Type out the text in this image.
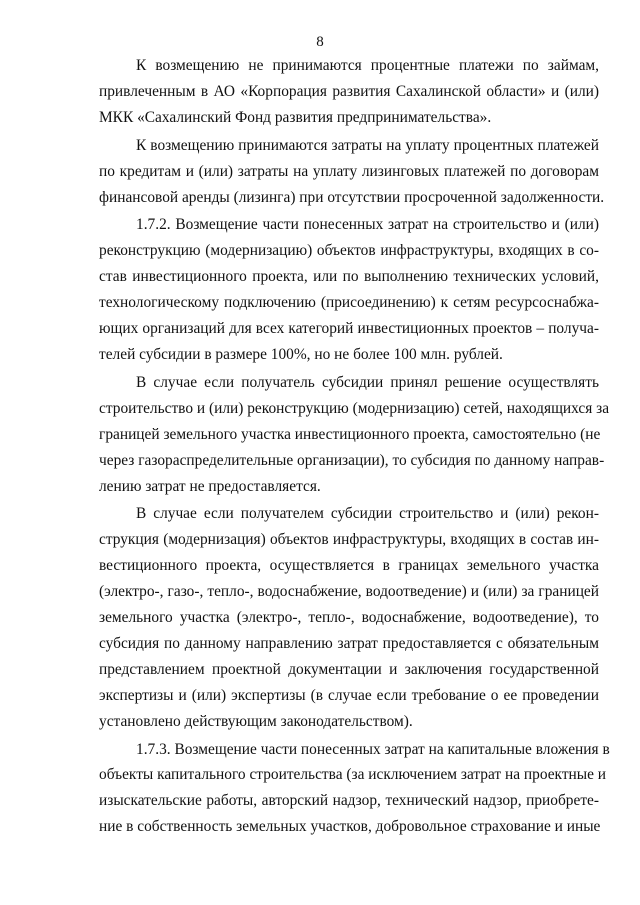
8
К возмещению не принимаются процентные платежи по займам,
привлеченным в АО «Корпорация развития Сахалинской области» и (или)
МКК «Сахалинский Фонд развития предпринимательства».
К возмещению принимаются затраты на уплату процентных платежей
по кредитам и (или) затраты на уплату лизинговых платежей по договорам
финансовой аренды (лизинга) при отсутствии просроченной задолженности.
1.7.2. Возмещение части понесенных затрат на строительство и (или)
реконструкцию (модернизацию) объектов инфраструктуры, входящих в со-
став инвестиционного проекта, или по выполнению технических условий,
технологическому подключению (присоединению) к сетям ресурсоснабжа-
ющих организаций для всех категорий инвестиционных проектов – получа-
телей субсидии в размере 100%, но не более 100 млн. рублей.
В случае если получатель субсидии принял решение осуществлять
строительство и (или) реконструкцию (модернизацию) сетей, находящихся за
границей земельного участка инвестиционного проекта, самостоятельно (не
через газораспределительные организации), то субсидия по данному направ-
лению затрат не предоставляется.
В случае если получателем субсидии строительство и (или) рекон-
струкция (модернизация) объектов инфраструктуры, входящих в состав ин-
вестиционного проекта, осуществляется в границах земельного участка
(электро-, газо-, тепло-, водоснабжение, водоотведение) и (или) за границей
земельного участка (электро-, тепло-, водоснабжение, водоотведение), то
субсидия по данному направлению затрат предоставляется с обязательным
представлением проектной документации и заключения государственной
экспертизы и (или) экспертизы (в случае если требование о ее проведении
установлено действующим законодательством).
1.7.3. Возмещение части понесенных затрат на капитальные вложения в
объекты капитального строительства (за исключением затрат на проектные и
изыскательские работы, авторский надзор, технический надзор, приобрете-
ние в собственность земельных участков, добровольное страхование и иные
